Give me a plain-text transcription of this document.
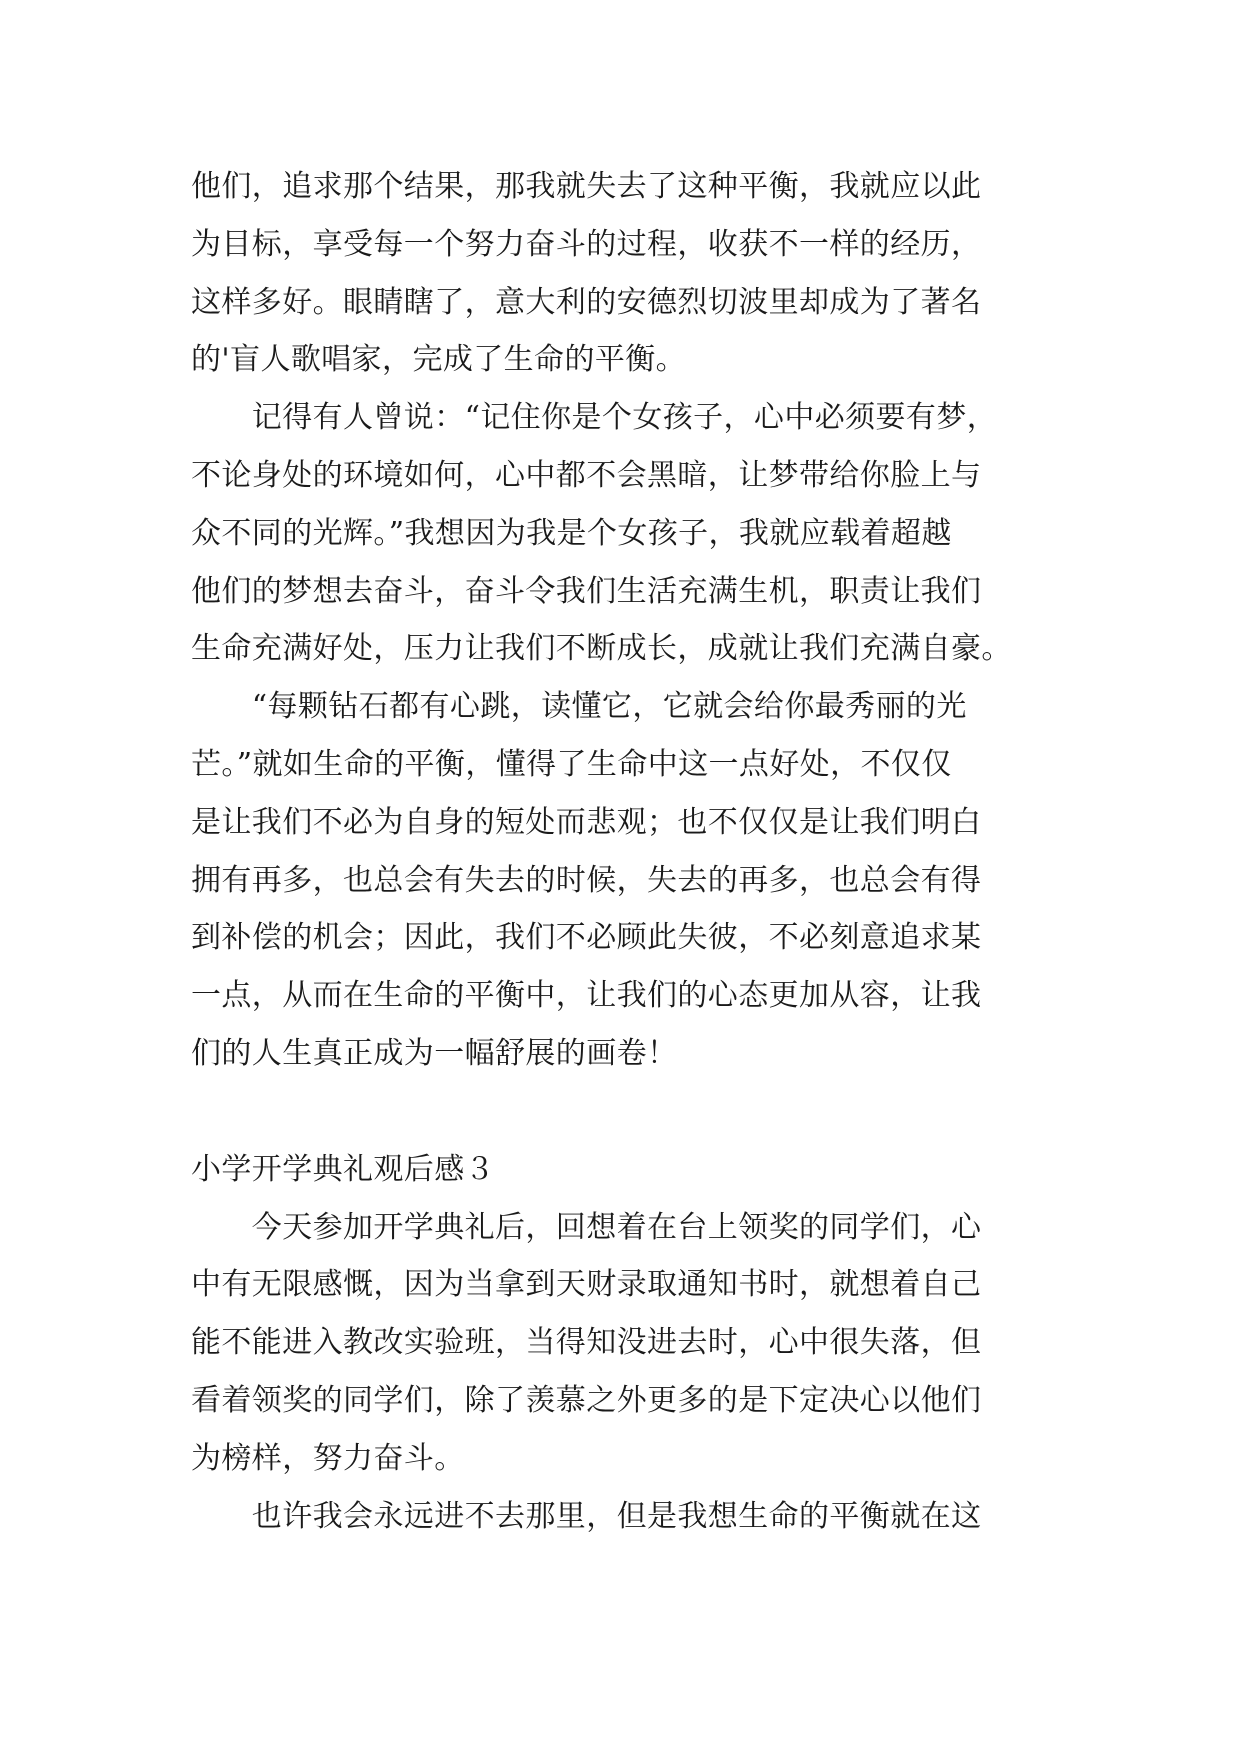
他们，追求那个结果，那我就失去了这种平衡，我就应以此
为目标，享受每一个努力奋斗的过程，收获不一样的经历，
这样多好。眼睛瞎了，意大利的安德烈切波里却成为了著名
的'盲人歌唱家，完成了生命的平衡。
　　记得有人曾说：“记住你是个女孩子，心中必须要有梦，
不论身处的环境如何，心中都不会黑暗，让梦带给你脸上与
众不同的光辉。”我想因为我是个女孩子，我就应载着超越
他们的梦想去奋斗，奋斗令我们生活充满生机，职责让我们
生命充满好处，压力让我们不断成长，成就让我们充满自豪。
　　“每颗钻石都有心跳，读懂它，它就会给你最秀丽的光
芒。”就如生命的平衡，懂得了生命中这一点好处，不仅仅
是让我们不必为自身的短处而悲观；也不仅仅是让我们明白
拥有再多，也总会有失去的时候，失去的再多，也总会有得
到补偿的机会；因此，我们不必顾此失彼，不必刻意追求某
一点，从而在生命的平衡中，让我们的心态更加从容，让我
们的人生真正成为一幅舒展的画卷！
小学开学典礼观后感３
　　今天参加开学典礼后，回想着在台上领奖的同学们，心
中有无限感慨，因为当拿到天财录取通知书时，就想着自己
能不能进入教改实验班，当得知没进去时，心中很失落，但
看着领奖的同学们，除了羡慕之外更多的是下定决心以他们
为榜样，努力奋斗。
　　也许我会永远进不去那里，但是我想生命的平衡就在这
